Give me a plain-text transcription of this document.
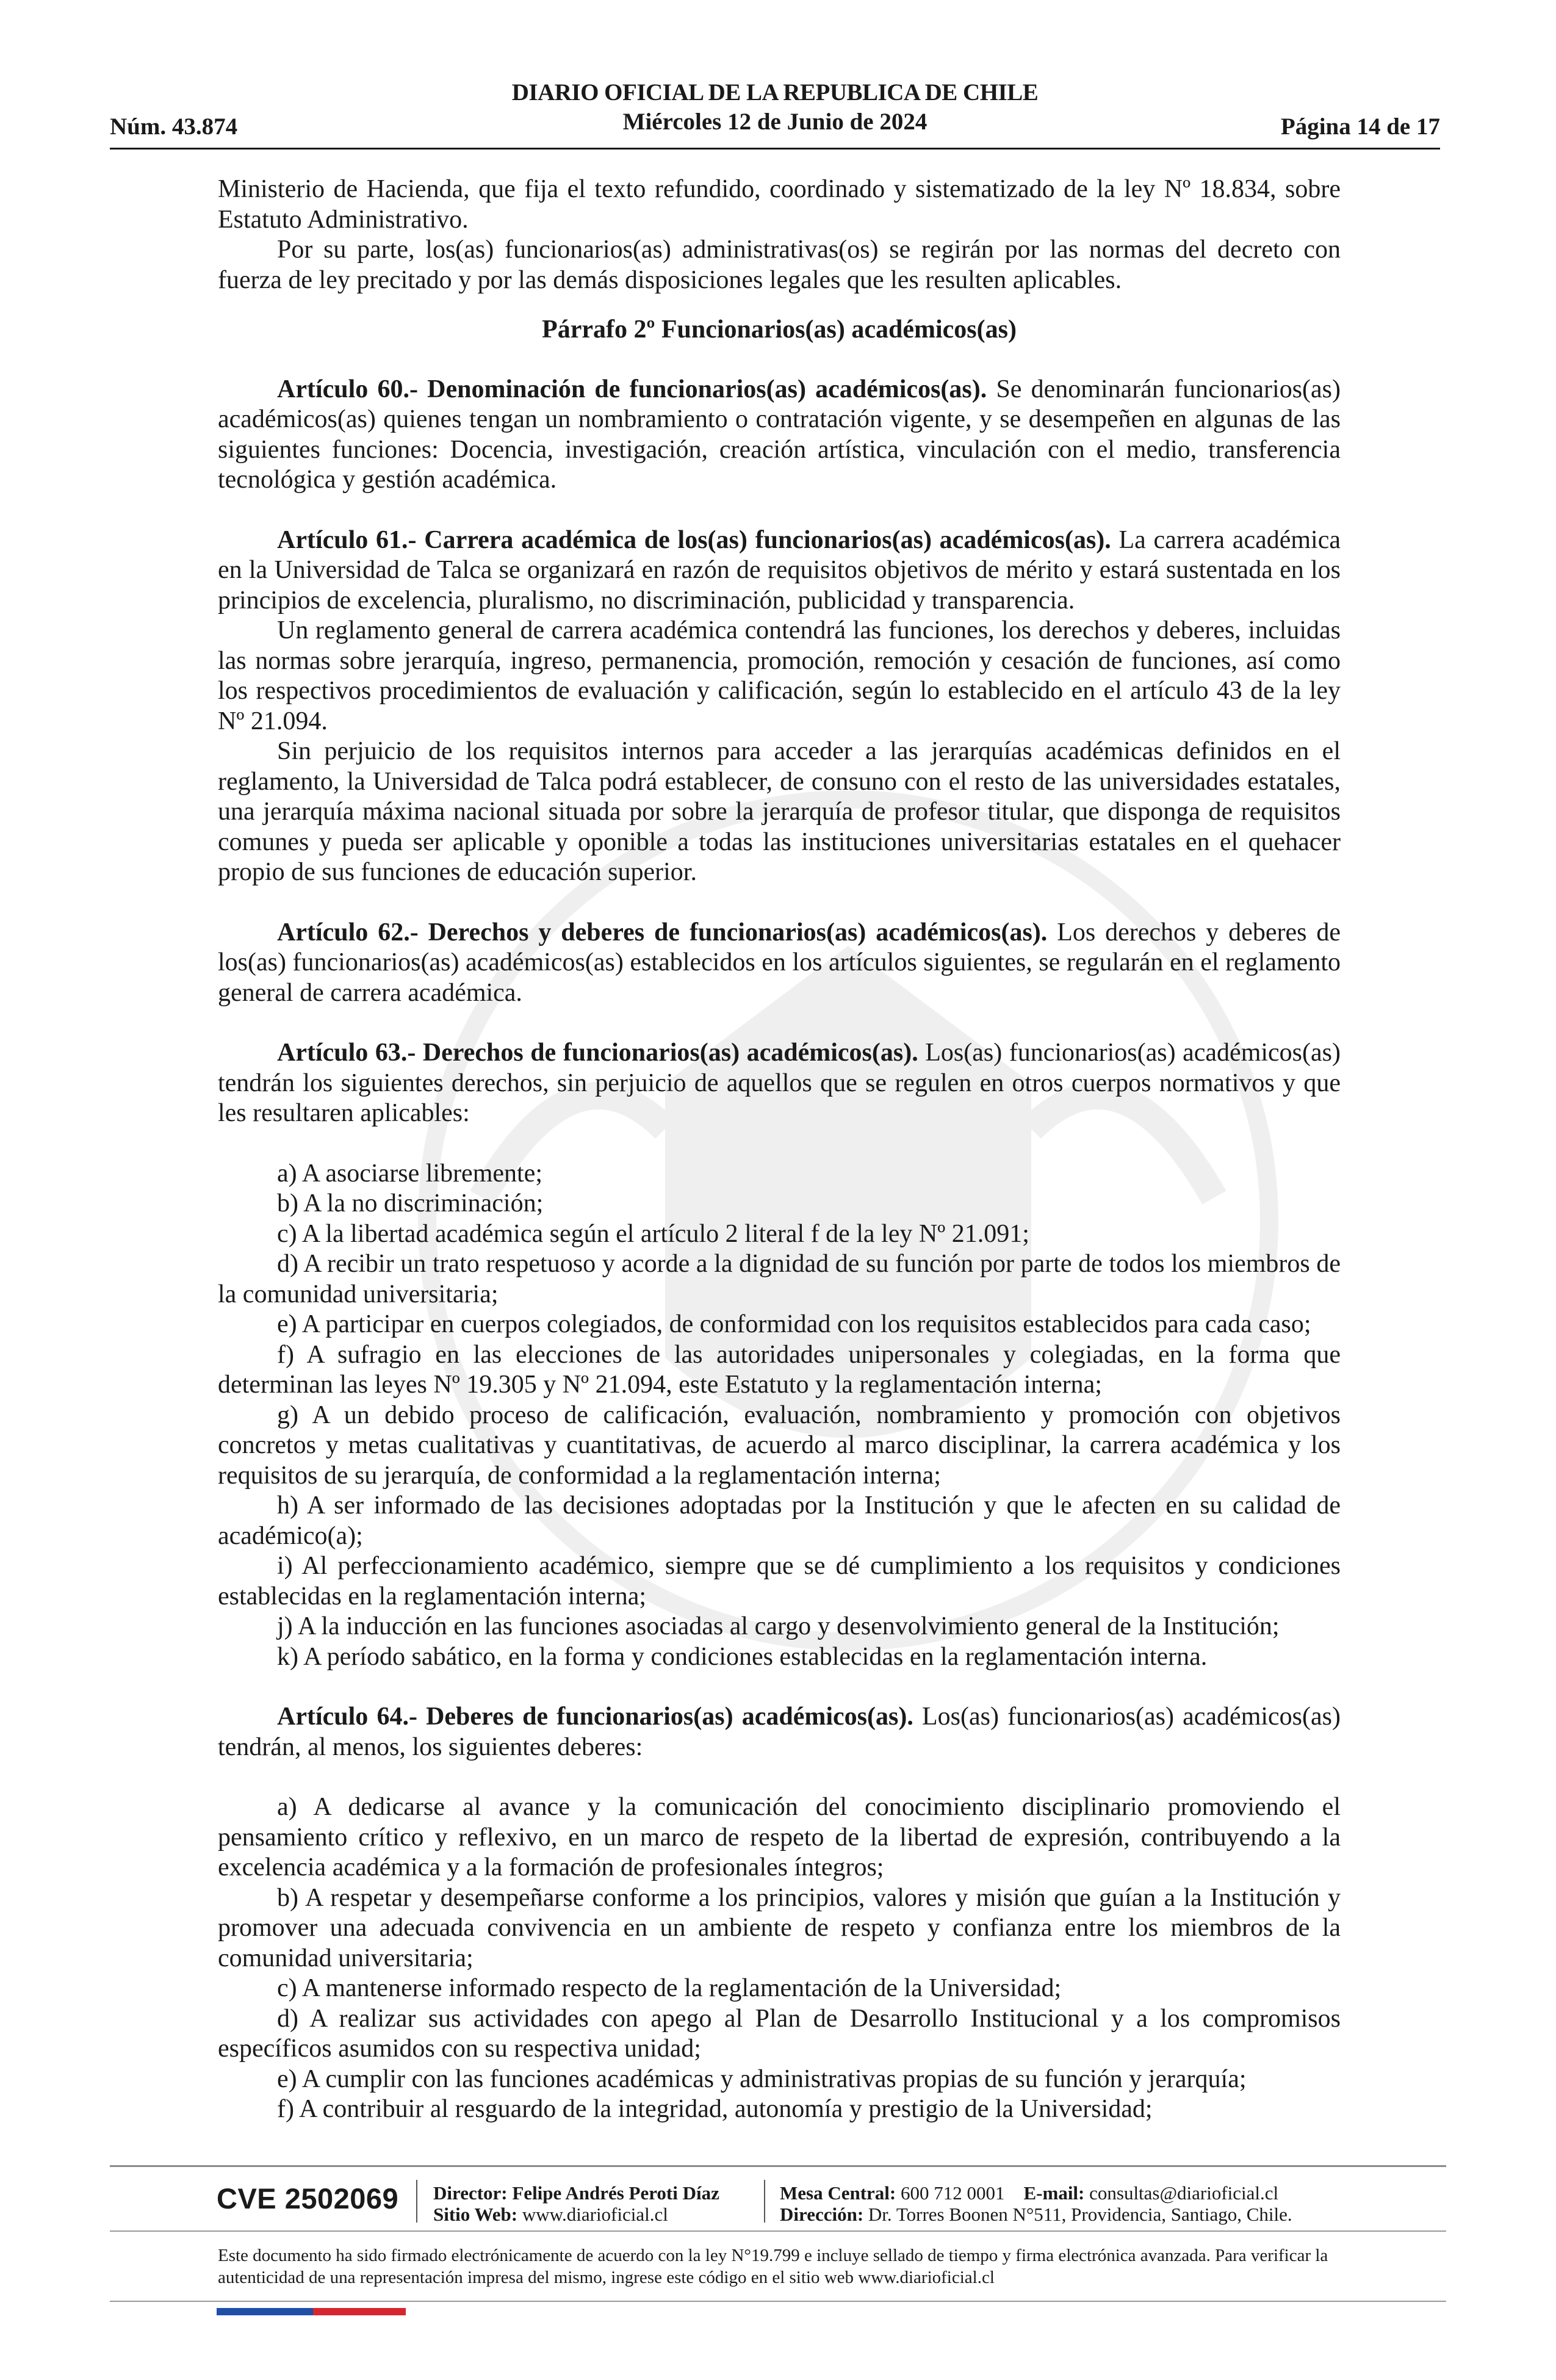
Núm. 43.874
DIARIO OFICIAL DE LA REPUBLICA DE CHILE
Miércoles 12 de Junio de 2024	Página 14 de 17

Ministerio de Hacienda, que fija el texto refundido, coordinado y sistematizado de la ley Nº 18.834, sobre Estatuto Administrativo.

Por su parte, los(as) funcionarios(as) administrativas(os) se regirán por las normas del decreto con fuerza de ley precitado y por las demás disposiciones legales que les resulten aplicables.

Párrafo 2º Funcionarios(as) académicos(as)

Artículo 60.- Denominación de funcionarios(as) académicos(as). Se denominarán funcionarios(as) académicos(as) quienes tengan un nombramiento o contratación vigente, y se desempeñen en algunas de las siguientes funciones: Docencia, investigación, creación artística, vinculación con el medio, transferencia tecnológica y gestión académica.

Artículo 61.- Carrera académica de los(as) funcionarios(as) académicos(as). La carrera académica en la Universidad de Talca se organizará en razón de requisitos objetivos de mérito y estará sustentada en los principios de excelencia, pluralismo, no discriminación, publicidad y transparencia.

Un reglamento general de carrera académica contendrá las funciones, los derechos y deberes, incluidas las normas sobre jerarquía, ingreso, permanencia, promoción, remoción y cesación de funciones, así como los respectivos procedimientos de evaluación y calificación, según lo establecido en el artículo 43 de la ley Nº 21.094.

Sin perjuicio de los requisitos internos para acceder a las jerarquías académicas definidos en el reglamento, la Universidad de Talca podrá establecer, de consuno con el resto de las universidades estatales, una jerarquía máxima nacional situada por sobre la jerarquía de profesor titular, que disponga de requisitos comunes y pueda ser aplicable y oponible a todas las instituciones universitarias estatales en el quehacer propio de sus funciones de educación superior.

Artículo 62.- Derechos y deberes de funcionarios(as) académicos(as). Los derechos y deberes de los(as) funcionarios(as) académicos(as) establecidos en los artículos siguientes, se regularán en el reglamento general de carrera académica.

Artículo 63.- Derechos de funcionarios(as) académicos(as). Los(as) funcionarios(as) académicos(as) tendrán los siguientes derechos, sin perjuicio de aquellos que se regulen en otros cuerpos normativos y que les resultaren aplicables:

a) A asociarse libremente;

b) A la no discriminación;

c) A la libertad académica según el artículo 2 literal f de la ley Nº 21.091;

d) A recibir un trato respetuoso y acorde a la dignidad de su función por parte de todos los miembros de la comunidad universitaria;

e) A participar en cuerpos colegiados, de conformidad con los requisitos establecidos para cada caso;

f) A sufragio en las elecciones de las autoridades unipersonales y colegiadas, en la forma que determinan las leyes Nº 19.305 y Nº 21.094, este Estatuto y la reglamentación interna;

g) A un debido proceso de calificación, evaluación, nombramiento y promoción con objetivos concretos y metas cualitativas y cuantitativas, de acuerdo al marco disciplinar, la carrera académica y los requisitos de su jerarquía, de conformidad a la reglamentación interna;

h) A ser informado de las decisiones adoptadas por la Institución y que le afecten en su calidad de académico(a);

i) Al perfeccionamiento académico, siempre que se dé cumplimiento a los requisitos y condiciones establecidas en la reglamentación interna;

j) A la inducción en las funciones asociadas al cargo y desenvolvimiento general de la Institución;

k) A período sabático, en la forma y condiciones establecidas en la reglamentación interna.

Artículo 64.- Deberes de funcionarios(as) académicos(as). Los(as) funcionarios(as) académicos(as) tendrán, al menos, los siguientes deberes:

a) A dedicarse al avance y la comunicación del conocimiento disciplinario promoviendo el pensamiento crítico y reflexivo, en un marco de respeto de la libertad de expresión, contribuyendo a la excelencia académica y a la formación de profesionales íntegros;

b) A respetar y desempeñarse conforme a los principios, valores y misión que guían a la Institución y promover una adecuada convivencia en un ambiente de respeto y confianza entre los miembros de la comunidad universitaria;

c) A mantenerse informado respecto de la reglamentación de la Universidad;

d) A realizar sus actividades con apego al Plan de Desarrollo Institucional y a los compromisos específicos asumidos con su respectiva unidad;

e) A cumplir con las funciones académicas y administrativas propias de su función y jerarquía;

f) A contribuir al resguardo de la integridad, autonomía y prestigio de la Universidad;

CVE 2502069 Director: Felipe Andrés Peroti Díaz
Sitio Web: www.diarioficial.cl
Mesa Central: 600 712 0001 E-mail: consultas@diarioficial.cl
Dirección: Dr. Torres Boonen N°511, Providencia, Santiago, Chile.
Este documento ha sido firmado electrónicamente de acuerdo con la ley N°19.799 e incluye sellado de tiempo y firma electrónica avanzada. Para verificar la autenticidad de una representación impresa del mismo, ingrese este código en el sitio web www.diarioficial.cl
